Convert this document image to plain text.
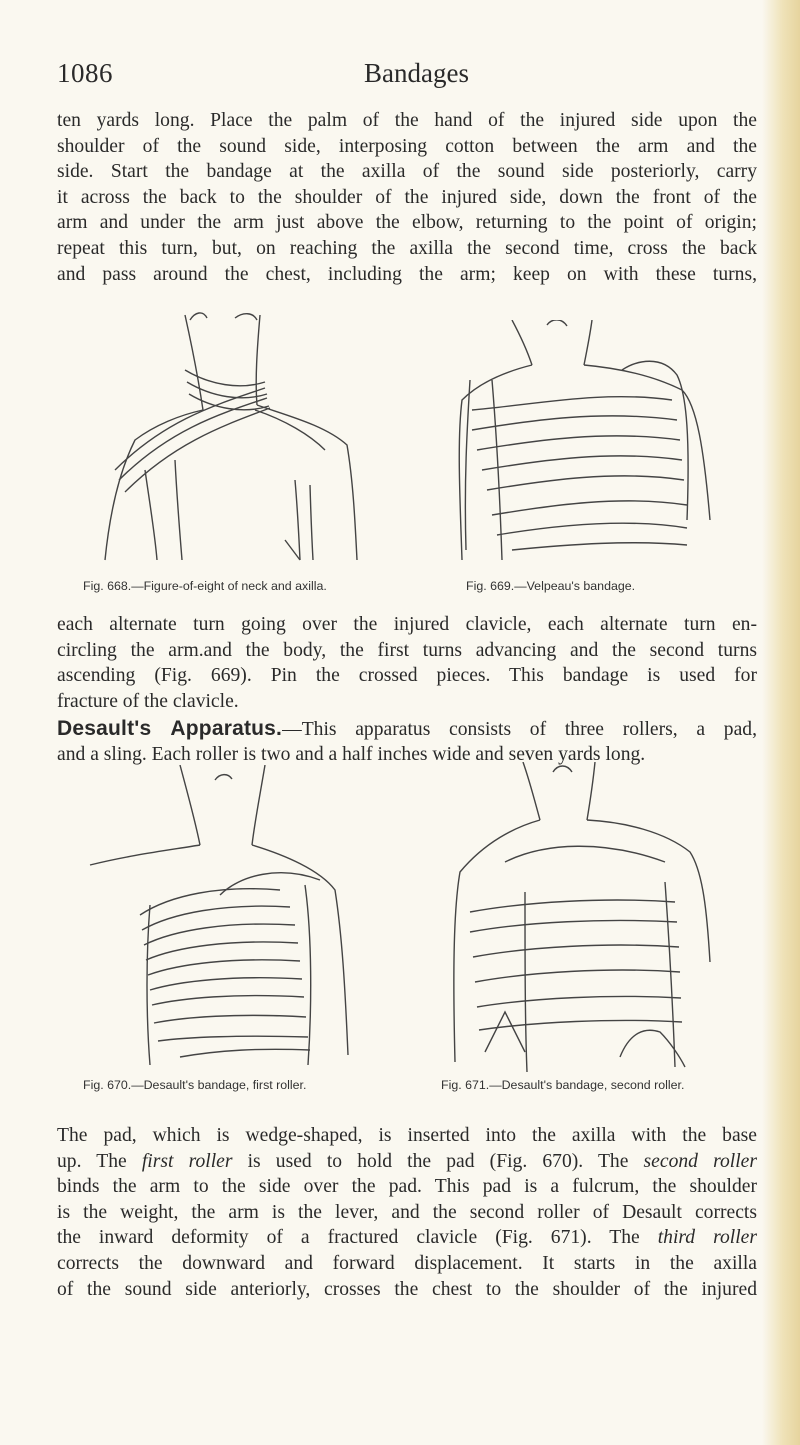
1086	Bandages

ten yards long. Place the palm of the hand of the injured side upon the
shoulder of the sound side, interposing cotton between the arm and the
side. Start the bandage at the axilla of the sound side posteriorly, carry
it across the back to the shoulder of the injured side, down the front of the
arm and under the arm just above the elbow, returning to the point of origin;
repeat this turn, but, on reaching the axilla the second time, cross the back
and pass around the chest, including the arm; keep on with these turns,

Fig. 668.—Figure-of-eight of neck and axilla.	Fig. 669.—Velpeau's bandage.

each alternate turn going over the injured clavicle, each alternate turn en-
circling the arm.and the body, the first turns advancing and the second turns
ascending (Fig. 669). Pin the crossed pieces. This bandage is used for
fracture of the clavicle.

Desault's Apparatus.—This apparatus consists of three rollers, a pad,
and a sling. Each roller is two and a half inches wide and seven yards long.

Fig. 670.—Desault's bandage, first roller.	Fig. 671.—Desault's bandage, second roller.

The pad, which is wedge-shaped, is inserted into the axilla with the base
up. The first roller is used to hold the pad (Fig. 670). The second roller
binds the arm to the side over the pad. This pad is a fulcrum, the shoulder
is the weight, the arm is the lever, and the second roller of Desault corrects
the inward deformity of a fractured clavicle (Fig. 671). The third roller
corrects the downward and forward displacement. It starts in the axilla
of the sound side anteriorly, crosses the chest to the shoulder of the injured
